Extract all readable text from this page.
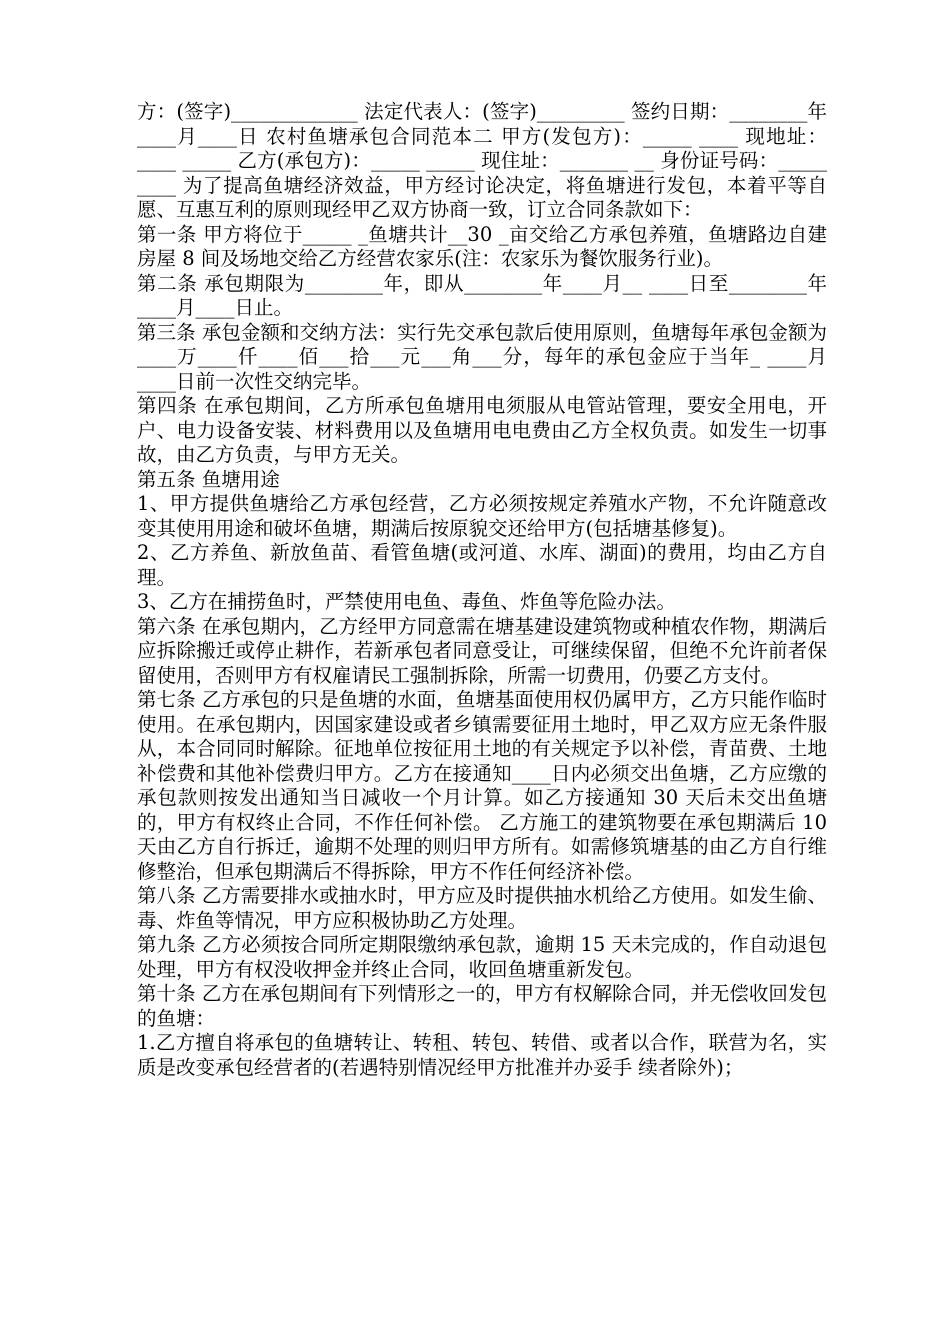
方：(签字)_____________ 法定代表人：(签字)_________ 签约日期：________年____月____日 农村鱼塘承包合同范本二 甲方(发包方)：_____ ____ 现地址：____ _____ 乙方(承包方)：_____ _____ 现住址：_______ __ 身份证号码：_____ ____ 为了提高鱼塘经济效益，甲方经讨论决定，将鱼塘进行发包，本着平等自愿、互惠互利的原则现经甲乙双方协商一致，订立合同条款如下：

第一条 甲方将位于_____ _鱼塘共计__30 _亩交给乙方承包养殖，鱼塘路边自建房屋 8 间及场地交给乙方经营农家乐(注：农家乐为餐饮服务行业)。

第二条 承包期限为________年，即从________年____月__ ____日至________年____月____日止。

第三条 承包金额和交纳方法：实行先交承包款后使用原则，鱼塘每年承包金额为____万____仟____佰___拾___元___角___分，每年的承包金应于当年_ ____月____日前一次性交纳完毕。

第四条 在承包期间，乙方所承包鱼塘用电须服从电管站管理，要安全用电，开户、电力设备安装、材料费用以及鱼塘用电电费由乙方全权负责。如发生一切事故，由乙方负责，与甲方无关。

第五条 鱼塘用途

1、甲方提供鱼塘给乙方承包经营，乙方必须按规定养殖水产物，不允许随意改变其使用用途和破坏鱼塘，期满后按原貌交还给甲方(包括塘基修复)。

2、乙方养鱼、新放鱼苗、看管鱼塘(或河道、水库、湖面)的费用，均由乙方自理。

3、乙方在捕捞鱼时，严禁使用电鱼、毒鱼、炸鱼等危险办法。

第六条 在承包期内，乙方经甲方同意需在塘基建设建筑物或种植农作物，期满后应拆除搬迁或停止耕作，若新承包者同意受让，可继续保留，但绝不允许前者保留使用，否则甲方有权雇请民工强制拆除，所需一切费用，仍要乙方支付。

第七条 乙方承包的只是鱼塘的水面，鱼塘基面使用权仍属甲方，乙方只能作临时使用。在承包期内，因国家建设或者乡镇需要征用土地时，甲乙双方应无条件服从，本合同同时解除。征地单位按征用土地的有关规定予以补偿，青苗费、土地补偿费和其他补偿费归甲方。乙方在接通知____日内必须交出鱼塘，乙方应缴的承包款则按发出通知当日减收一个月计算。如乙方接通知 30 天后未交出鱼塘的，甲方有权终止合同，不作任何补偿。 乙方施工的建筑物要在承包期满后 10 天由乙方自行拆迁，逾期不处理的则归甲方所有。如需修筑塘基的由乙方自行维修整治，但承包期满后不得拆除，甲方不作任何经济补偿。

第八条 乙方需要排水或抽水时，甲方应及时提供抽水机给乙方使用。如发生偷、毒、炸鱼等情况，甲方应积极协助乙方处理。

第九条 乙方必须按合同所定期限缴纳承包款，逾期 15 天未完成的，作自动退包处理，甲方有权没收押金并终止合同，收回鱼塘重新发包。

第十条 乙方在承包期间有下列情形之一的，甲方有权解除合同，并无偿收回发包的鱼塘：

1.乙方擅自将承包的鱼塘转让、转租、转包、转借、或者以合作，联营为名，实质是改变承包经营者的(若遇特别情况经甲方批准并办妥手 续者除外)；
